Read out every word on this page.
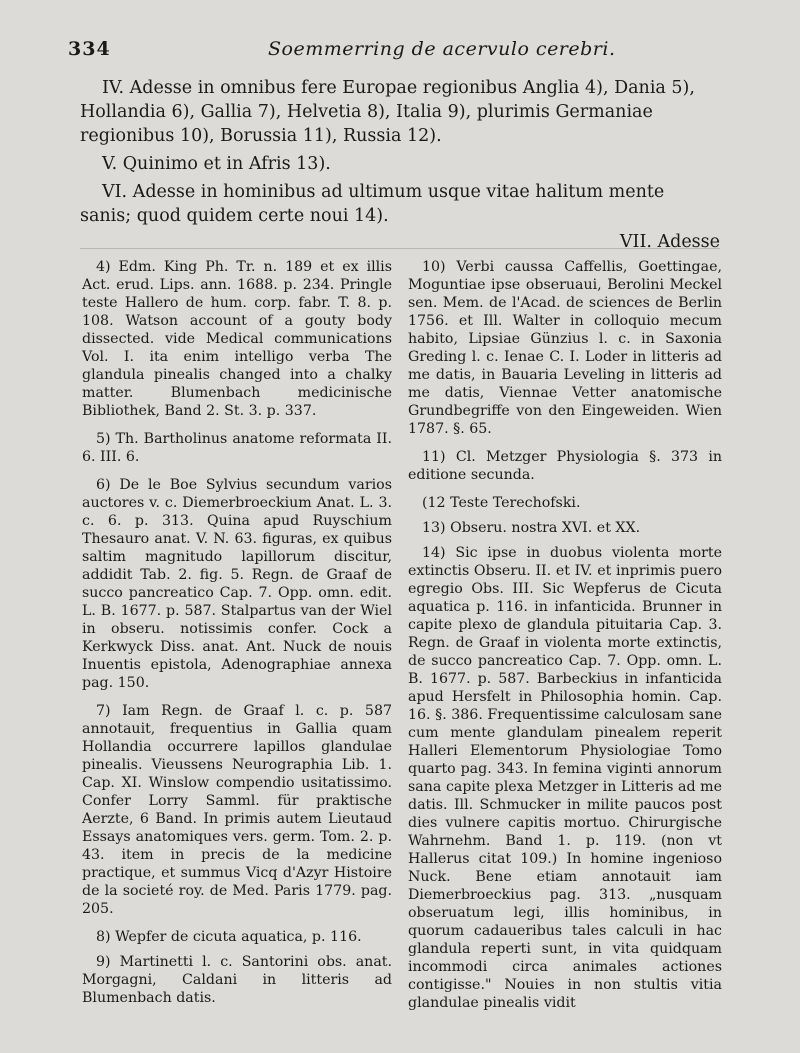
334	Soemmerring de acervulo cerebri.

IV. Adesse in omnibus fere Europae regionibus Anglia 4), Dania 5), Hollandia 6), Gallia 7), Helvetia 8), Italia 9), plurimis Germaniae regionibus 10), Borussia 11), Russia 12).

V. Quinimo et in Afris 13).

VI. Adesse in hominibus ad ultimum usque vitae halitum mente sanis; quod quidem certe noui 14).

VII. Adesse

4) Edm. King Ph. Tr. n. 189 et ex illis Act. erud. Lips. ann. 1688. p. 234. Pringle teste Hallero de hum. corp. fabr. T. 8. p. 108. Watson account of a gouty body dissected. vide Medical communications Vol. I. ita enim intelligo verba The glandula pinealis changed into a chalky matter. Blumenbach medicinische Bibliothek, Band 2. St. 3. p. 337.

5) Th. Bartholinus anatome reformata II. 6. III. 6.

6) De le Boe Sylvius secundum varios auctores v. c. Diemerbroeckium Anat. L. 3. c. 6. p. 313. Quina apud Ruyschium Thesauro anat. V. N. 63. figuras, ex quibus saltim magnitudo lapillorum discitur, addidit Tab. 2. fig. 5. Regn. de Graaf de succo pancreatico Cap. 7. Opp. omn. edit. L. B. 1677. p. 587. Stalpartus van der Wiel in obseru. notissimis confer. Cock a Kerkwyck Diss. anat. Ant. Nuck de nouis Inuentis epistola, Adenographiae annexa pag. 150.

7) Iam Regn. de Graaf l. c. p. 587 annotauit, frequentius in Gallia quam Hollandia occurrere lapillos glandulae pinealis. Vieussens Neurographia Lib. 1. Cap. XI. Winslow compendio usitatissimo. Confer Lorry Samml. für praktische Aerzte, 6 Band. In primis autem Lieutaud Essays anatomiques vers. germ. Tom. 2. p. 43. item in precis de la medicine practique, et summus Vicq d'Azyr Histoire de la societé roy. de Med. Paris 1779. pag. 205.

8) Wepfer de cicuta aquatica, p. 116.

9) Martinetti l. c. Santorini obs. anat. Morgagni, Caldani in litteris ad Blumenbach datis.

10) Verbi caussa Caffellis, Goettingae, Moguntiae ipse obseruaui, Berolini Meckel sen. Mem. de l'Acad. de sciences de Berlin 1756. et Ill. Walter in colloquio mecum habito, Lipsiae Günzius l. c. in Saxonia Greding l. c. Ienae C. I. Loder in litteris ad me datis, in Bauaria Leveling in litteris ad me datis, Viennae Vetter anatomische Grundbegriffe von den Eingeweiden. Wien 1787. §. 65.

11) Cl. Metzger Physiologia §. 373 in editione secunda.

(12 Teste Terechofski.

13) Obseru. nostra XVI. et XX.

14) Sic ipse in duobus violenta morte extinctis Obseru. II. et IV. et inprimis puero egregio Obs. III. Sic Wepferus de Cicuta aquatica p. 116. in infanticida. Brunner in capite plexo de glandula pituitaria Cap. 3. Regn. de Graaf in violenta morte extinctis, de succo pancreatico Cap. 7. Opp. omn. L. B. 1677. p. 587. Barbeckius in infanticida apud Hersfelt in Philosophia homin. Cap. 16. §. 386. Frequentissime calculosam sane cum mente glandulam pinealem reperit Halleri Elementorum Physiologiae Tomo quarto pag. 343. In femina viginti annorum sana capite plexa Metzger in Litteris ad me datis. Ill. Schmucker in milite paucos post dies vulnere capitis mortuo. Chirurgische Wahrnehm. Band 1. p. 119. (non vt Hallerus citat 109.) In homine ingenioso Nuck. Bene etiam annotauit iam Diemerbroeckius pag. 313. „nusquam obseruatum legi, illis hominibus, in quorum cadaueribus tales calculi in hac glandula reperti sunt, in vita quidquam incommodi circa animales actiones contigisse." Nouies in non stultis vitia glandulae pinealis vidit
